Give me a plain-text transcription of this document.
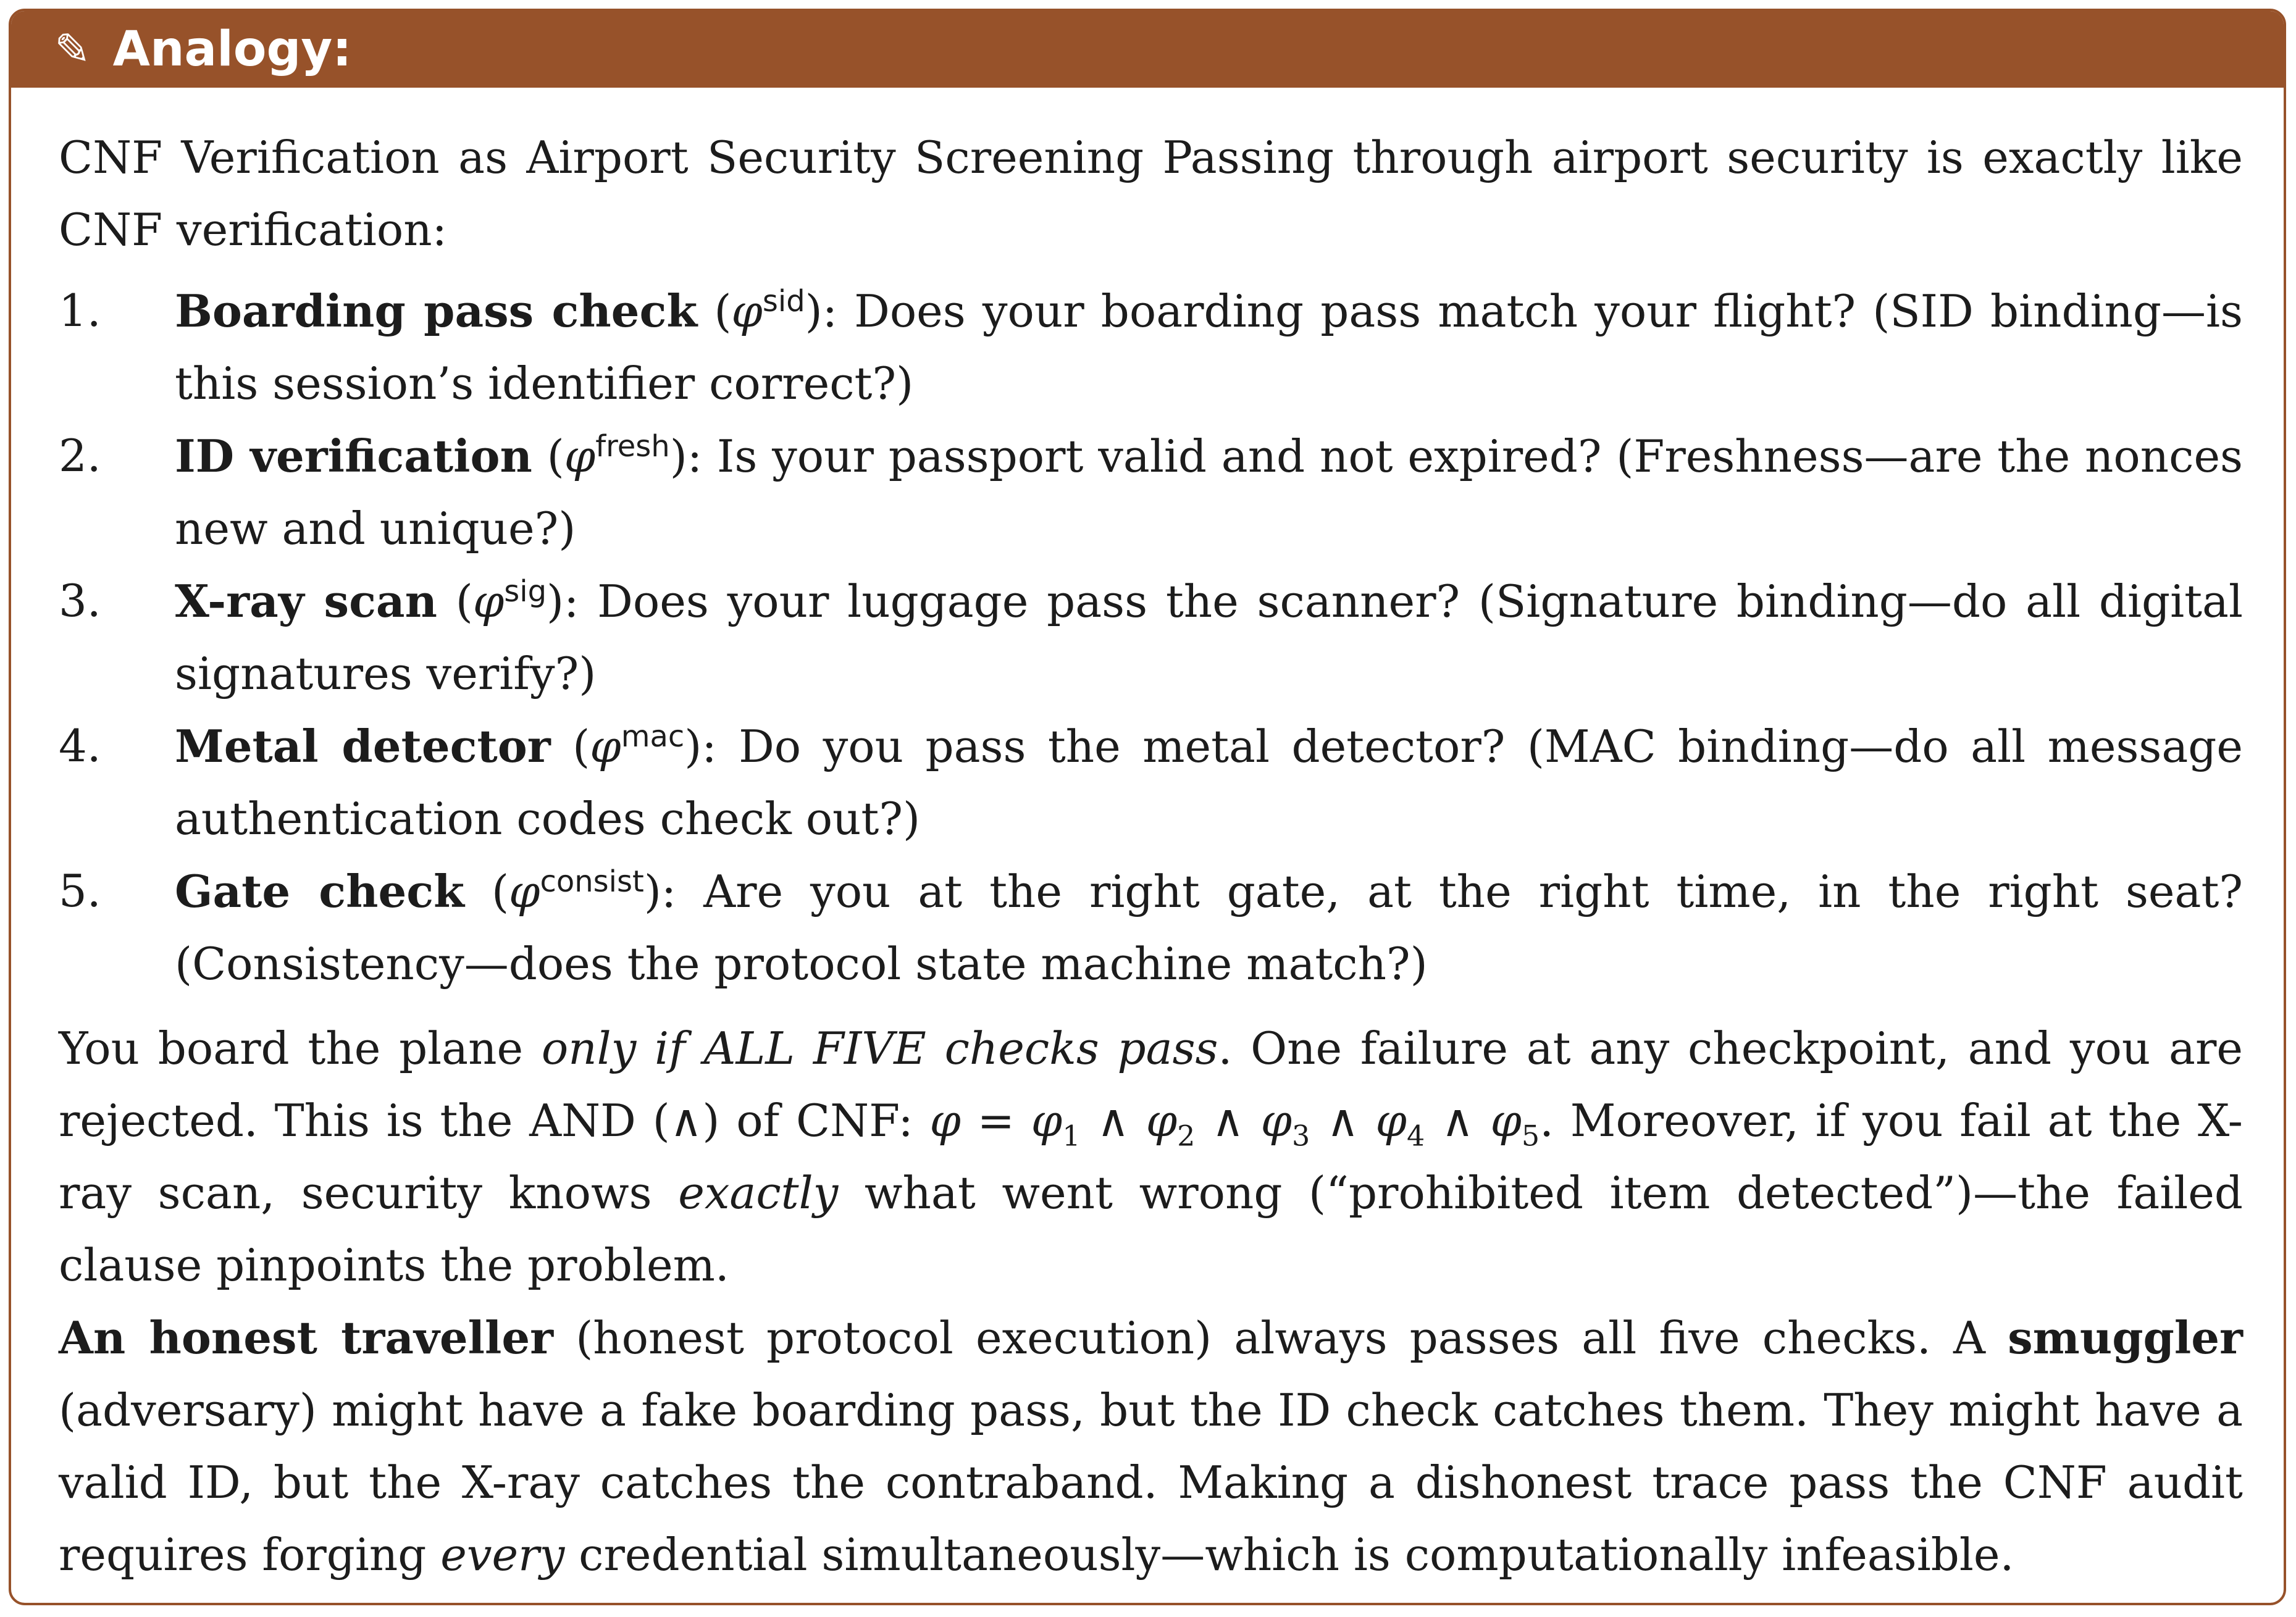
✎ Analogy:

CNF Verification as Airport Security Screening Passing through airport security is exactly like CNF verification:

1. Boarding pass check $(\varphi^{sid})$: Does your boarding pass match your flight? (SID binding—is this session’s identifier correct?)
2. ID verification $(\varphi^{fresh})$: Is your passport valid and not expired? (Freshness—are the nonces new and unique?)
3. X-ray scan $(\varphi^{sig})$: Does your luggage pass the scanner? (Signature binding—do all digital signatures verify?)
4. Metal detector $(\varphi^{mac})$: Do you pass the metal detector? (MAC binding—do all message authentication codes check out?)
5. Gate check $(\varphi^{consist})$: Are you at the right gate, at the right time, in the right seat? (Consistency—does the protocol state machine match?)

You board the plane only if ALL FIVE checks pass. One failure at any checkpoint, and you are rejected. This is the AND (∧) of CNF: $\varphi = \varphi_1$ ∧ $\varphi_2$ ∧ $\varphi_3$ ∧ $\varphi_4$ ∧ $\varphi_5$. Moreover, if you fail at the X-ray scan, security knows exactly what went wrong (“prohibited item detected”)—the failed clause pinpoints the problem.

An honest traveller (honest protocol execution) always passes all five checks. A smuggler (adversary) might have a fake boarding pass, but the ID check catches them. They might have a valid ID, but the X-ray catches the contraband. Making a dishonest trace pass the CNF audit requires forging every credential simultaneously—which is computationally infeasible.
